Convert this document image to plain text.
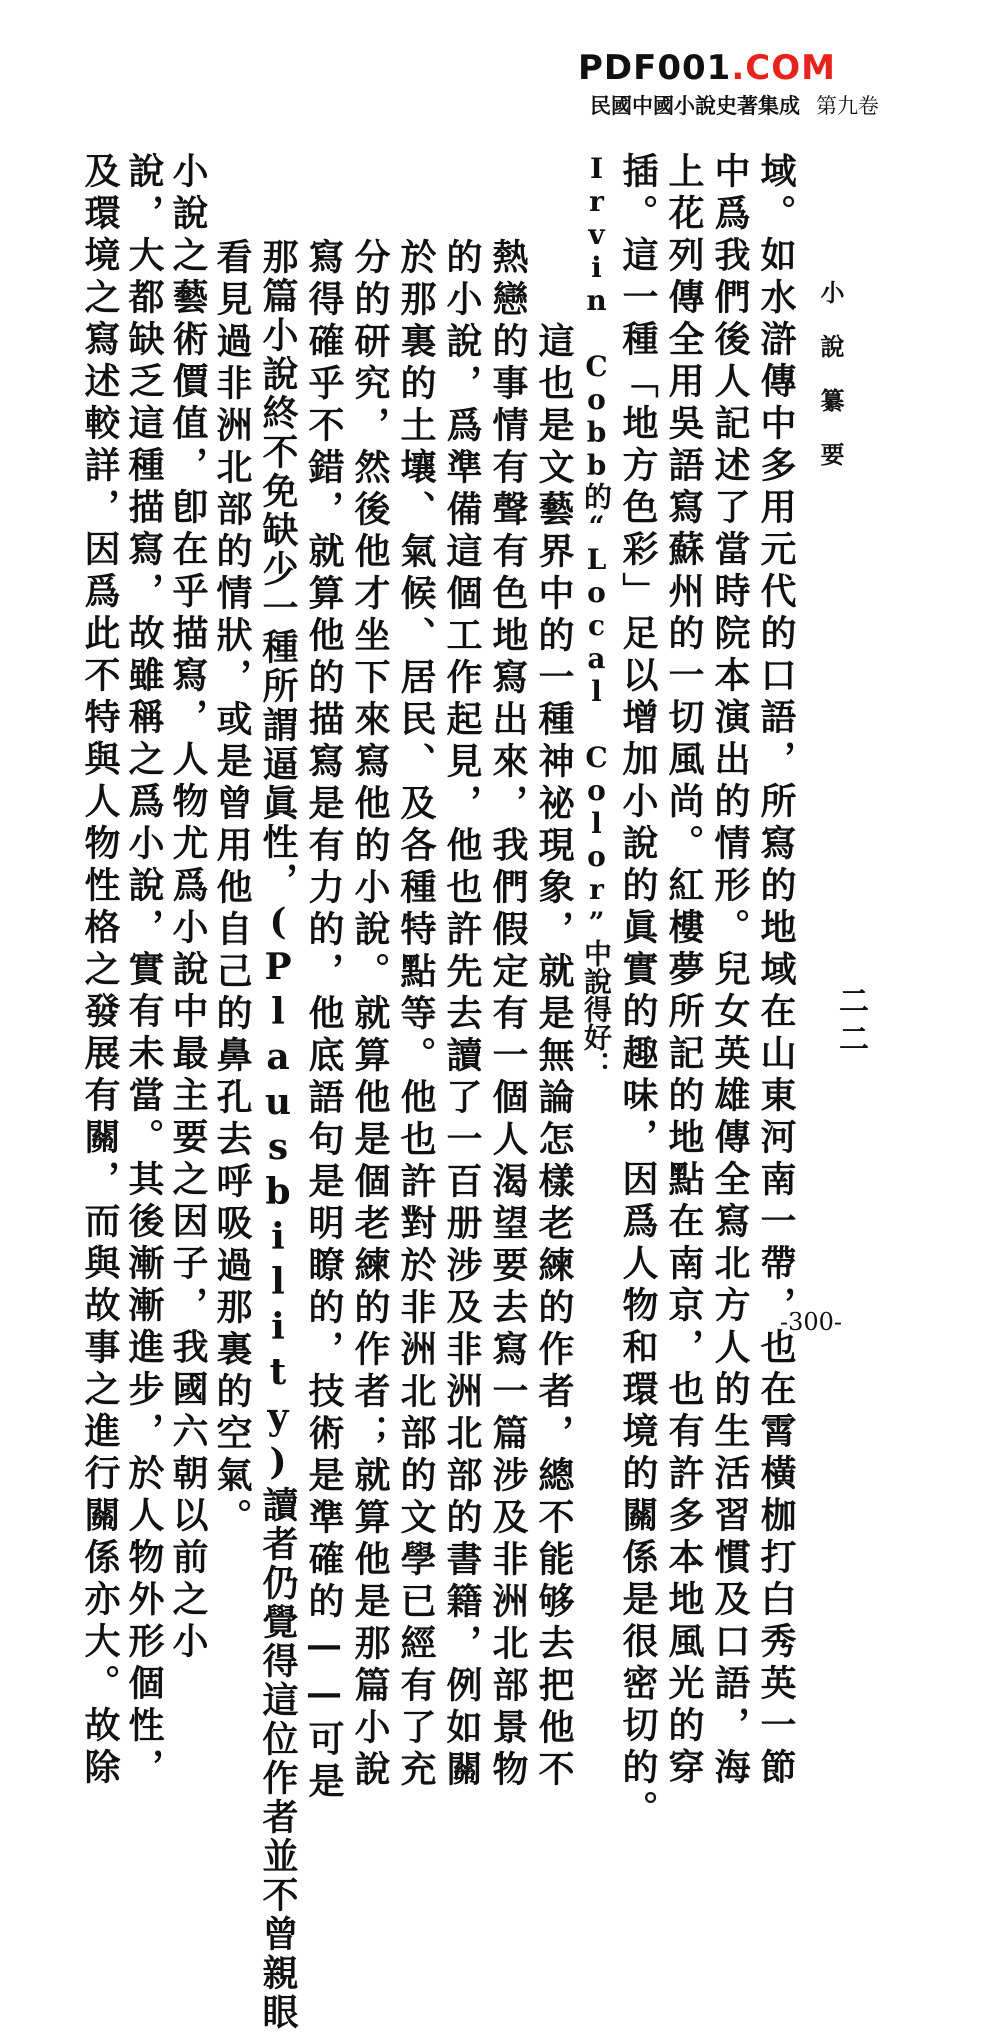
PDF001.COM
民國中國小說史著集成 第九卷
小說纂要
二二
域。如水滸傳中多用元代的口語，所寫的地域在山東河南一帶，也在霄橫枷打白秀英一節
中爲我們後人記述了當時院本演出的情形。兒女英雄傳全寫北方人的生活習慣及口語，海
上花列傳全用吳語寫蘇州的一切風尚。紅樓夢所記的地點在南京，也有許多本地風光的穿
插。這一種「地方色彩」足以增加小說的眞實的趣味，因爲人物和環境的關係是很密切的。
Irvin Cobb的“Local Color”中說得好：
　　這也是文藝界中的一種神祕現象，就是無論怎樣老練的作者，總不能够去把他不
熱戀的事情有聲有色地寫出來，我們假定有一個人渴望要去寫一篇涉及非洲北部景物
的小說，爲準備這個工作起見，他也許先去讀了一百册涉及非洲北部的書籍，例如關
於那裏的土壤、氣候、居民、及各種特點等。他也許對於非洲北部的文學已經有了充
分的研究，然後他才坐下來寫他的小說。就算他是個老練的作者；就算他是那篇小說
寫得確乎不錯，就算他的描寫是有力的，他底語句是明瞭的，技術是準確的——可是
那篇小說終不免缺少一種所謂逼眞性，(Plausbility)讀者仍覺得這位作者並不曾親眼
看見過非洲北部的情狀，或是曾用他自己的鼻孔去呼吸過那裏的空氣。
小說之藝術價值，卽在乎描寫，人物尤爲小說中最主要之因子，我國六朝以前之小
說，大都缺乏這種描寫，故雖稱之爲小說，實有未當。其後漸漸進步，於人物外形個性，
及環境之寫述較詳，因爲此不特與人物性格之發展有關，而與故事之進行關係亦大。故除	-300-
